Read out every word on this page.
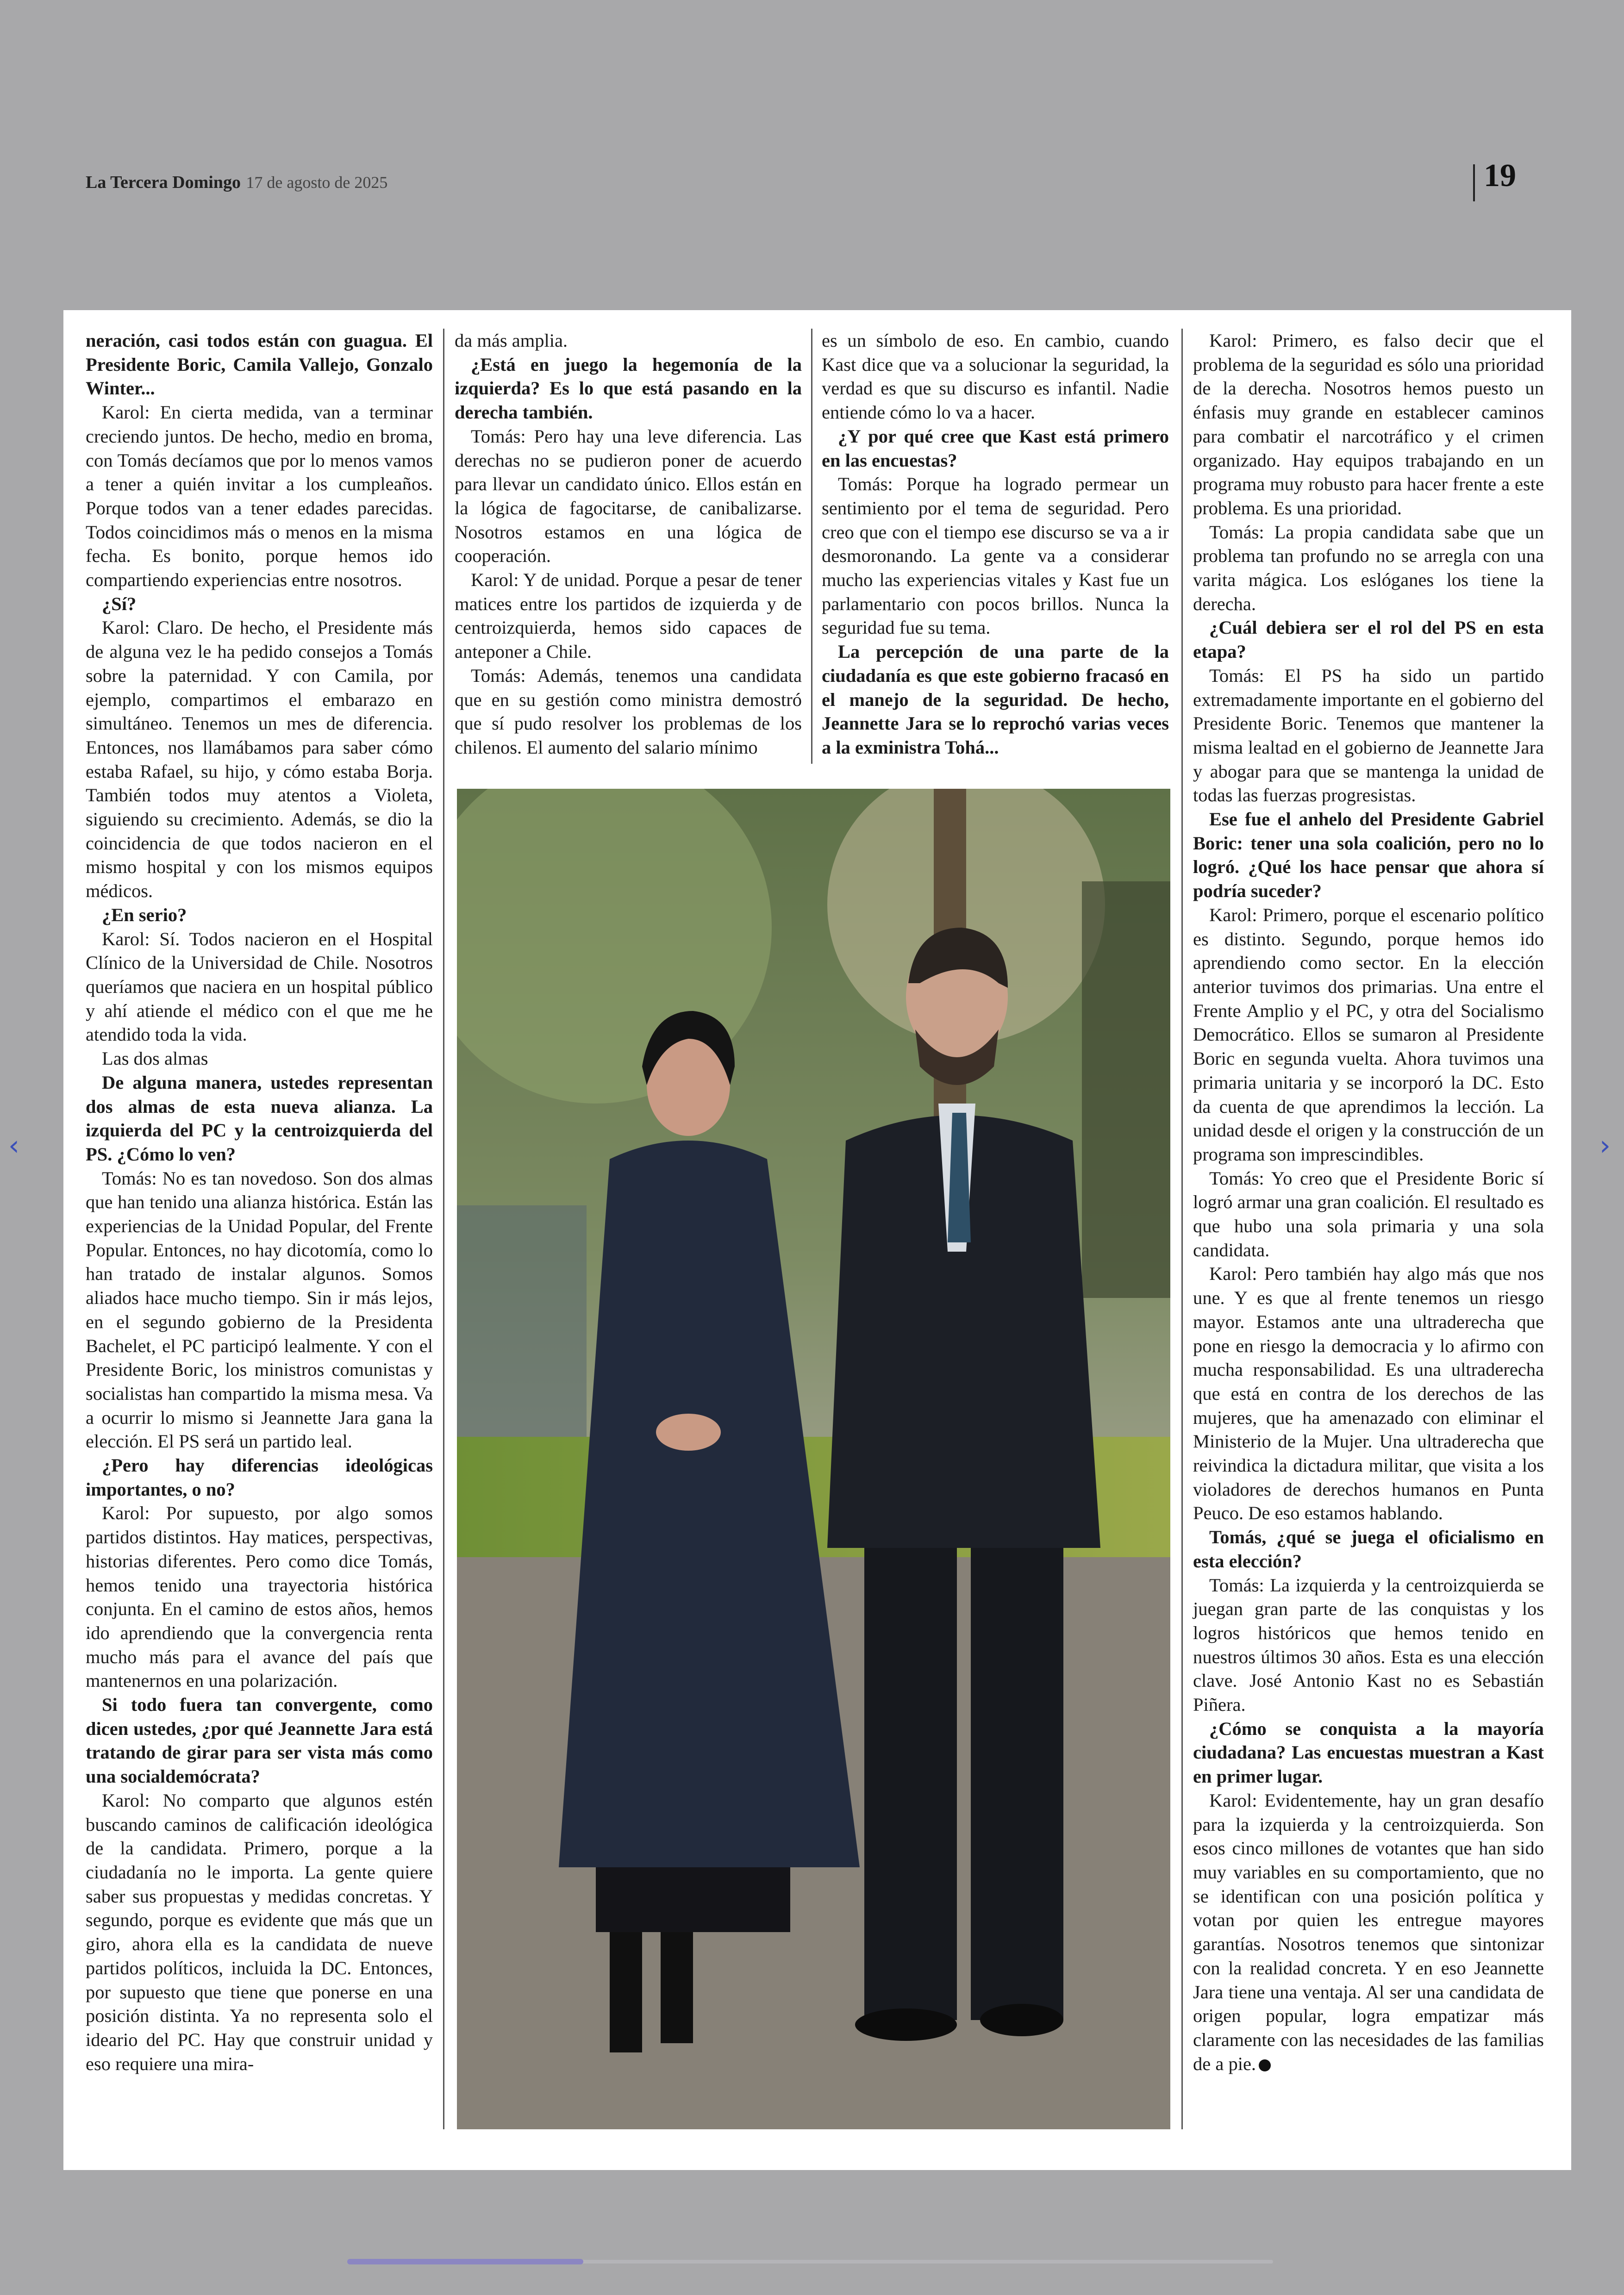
La Tercera Domingo 17 de agosto de 2025	19
‹	›

neración, casi todos están con guagua. El Presidente Boric, Camila Vallejo, Gonzalo Winter...

Karol: En cierta medida, van a terminar creciendo juntos. De hecho, medio en broma, con Tomás decíamos que por lo menos vamos a tener a quién invitar a los cumpleaños. Porque todos van a tener edades parecidas. Todos coincidimos más o menos en la misma fecha. Es bonito, porque hemos ido compartiendo experiencias entre nosotros.

¿Sí?

Karol: Claro. De hecho, el Presidente más de alguna vez le ha pedido consejos a Tomás sobre la paternidad. Y con Camila, por ejemplo, compartimos el embarazo en simultáneo. Tenemos un mes de diferencia. Entonces, nos llamábamos para saber cómo estaba Rafael, su hijo, y cómo estaba Borja. También todos muy atentos a Violeta, siguiendo su crecimiento. Además, se dio la coincidencia de que todos nacieron en el mismo hospital y con los mismos equipos médicos.

¿En serio?

Karol: Sí. Todos nacieron en el Hospital Clínico de la Universidad de Chile. Nosotros queríamos que naciera en un hospital público y ahí atiende el médico con el que me he atendido toda la vida.

Las dos almas

De alguna manera, ustedes representan dos almas de esta nueva alianza. La izquierda del PC y la centroizquierda del PS. ¿Cómo lo ven?

Tomás: No es tan novedoso. Son dos almas que han tenido una alianza histórica. Están las experiencias de la Unidad Popular, del Frente Popular. Entonces, no hay dicotomía, como lo han tratado de instalar algunos. Somos aliados hace mucho tiempo. Sin ir más lejos, en el segundo gobierno de la Presidenta Bachelet, el PC participó lealmente. Y con el Presidente Boric, los ministros comunistas y socialistas han compartido la misma mesa. Va a ocurrir lo mismo si Jeannette Jara gana la elección. El PS será un partido leal.

¿Pero hay diferencias ideológicas importantes, o no?

Karol: Por supuesto, por algo somos partidos distintos. Hay matices, perspectivas, historias diferentes. Pero como dice Tomás, hemos tenido una trayectoria histórica conjunta. En el camino de estos años, hemos ido aprendiendo que la convergencia renta mucho más para el avance del país que mantenernos en una polarización.

Si todo fuera tan convergente, como dicen ustedes, ¿por qué Jeannette Jara está tratando de girar para ser vista más como una socialdemócrata?

Karol: No comparto que algunos estén buscando caminos de calificación ideológica de la candidata. Primero, porque a la ciudadanía no le importa. La gente quiere saber sus propuestas y medidas concretas. Y segundo, porque es evidente que más que un giro, ahora ella es la candidata de nueve partidos políticos, incluida la DC. Entonces, por supuesto que tiene que ponerse en una posición distinta. Ya no representa solo el ideario del PC. Hay que construir unidad y eso requiere una mira-

da más amplia.

¿Está en juego la hegemonía de la izquierda? Es lo que está pasando en la derecha también.

Tomás: Pero hay una leve diferencia. Las derechas no se pudieron poner de acuerdo para llevar un candidato único. Ellos están en la lógica de fagocitarse, de canibalizarse. Nosotros estamos en una lógica de cooperación.

Karol: Y de unidad. Porque a pesar de tener matices entre los partidos de izquierda y de centroizquierda, hemos sido capaces de anteponer a Chile.

Tomás: Además, tenemos una candidata que en su gestión como ministra demostró que sí pudo resolver los problemas de los chilenos. El aumento del salario mínimo

es un símbolo de eso. En cambio, cuando Kast dice que va a solucionar la seguridad, la verdad es que su discurso es infantil. Nadie entiende cómo lo va a hacer.

¿Y por qué cree que Kast está primero en las encuestas?

Tomás: Porque ha logrado permear un sentimiento por el tema de seguridad. Pero creo que con el tiempo ese discurso se va a ir desmoronando. La gente va a considerar mucho las experiencias vitales y Kast fue un parlamentario con pocos brillos. Nunca la seguridad fue su tema.

La percepción de una parte de la ciudadanía es que este gobierno fracasó en el manejo de la seguridad. De hecho, Jeannette Jara se lo reprochó varias veces a la exministra Tohá...

Karol: Primero, es falso decir que el problema de la seguridad es sólo una prioridad de la derecha. Nosotros hemos puesto un énfasis muy grande en establecer caminos para combatir el narcotráfico y el crimen organizado. Hay equipos trabajando en un programa muy robusto para hacer frente a este problema. Es una prioridad.

Tomás: La propia candidata sabe que un problema tan profundo no se arregla con una varita mágica. Los eslóganes los tiene la derecha.

¿Cuál debiera ser el rol del PS en esta etapa?

Tomás: El PS ha sido un partido extremadamente importante en el gobierno del Presidente Boric. Tenemos que mantener la misma lealtad en el gobierno de Jeannette Jara y abogar para que se mantenga la unidad de todas las fuerzas progresistas.

Ese fue el anhelo del Presidente Gabriel Boric: tener una sola coalición, pero no lo logró. ¿Qué los hace pensar que ahora sí podría suceder?

Karol: Primero, porque el escenario político es distinto. Segundo, porque hemos ido aprendiendo como sector. En la elección anterior tuvimos dos primarias. Una entre el Frente Amplio y el PC, y otra del Socialismo Democrático. Ellos se sumaron al Presidente Boric en segunda vuelta. Ahora tuvimos una primaria unitaria y se incorporó la DC. Esto da cuenta de que aprendimos la lección. La unidad desde el origen y la construcción de un programa son imprescindibles.

Tomás: Yo creo que el Presidente Boric sí logró armar una gran coalición. El resultado es que hubo una sola primaria y una sola candidata.

Karol: Pero también hay algo más que nos une. Y es que al frente tenemos un riesgo mayor. Estamos ante una ultraderecha que pone en riesgo la democracia y lo afirmo con mucha responsabilidad. Es una ultraderecha que está en contra de los derechos de las mujeres, que ha amenazado con eliminar el Ministerio de la Mujer. Una ultraderecha que reivindica la dictadura militar, que visita a los violadores de derechos humanos en Punta Peuco. De eso estamos hablando.

Tomás, ¿qué se juega el oficialismo en esta elección?

Tomás: La izquierda y la centroizquierda se juegan gran parte de las conquistas y los logros históricos que hemos tenido en nuestros últimos 30 años. Esta es una elección clave. José Antonio Kast no es Sebastián Piñera.

¿Cómo se conquista a la mayoría ciudadana? Las encuestas muestran a Kast en primer lugar.

Karol: Evidentemente, hay un gran desafío para la izquierda y la centroizquierda. Son esos cinco millones de votantes que han sido muy variables en su comportamiento, que no se identifican con una posición política y votan por quien les entregue mayores garantías. Nosotros tenemos que sintonizar con la realidad concreta. Y en eso Jeannette Jara tiene una ventaja. Al ser una candidata de origen popular, logra empatizar más claramente con las necesidades de las familias de a pie.
